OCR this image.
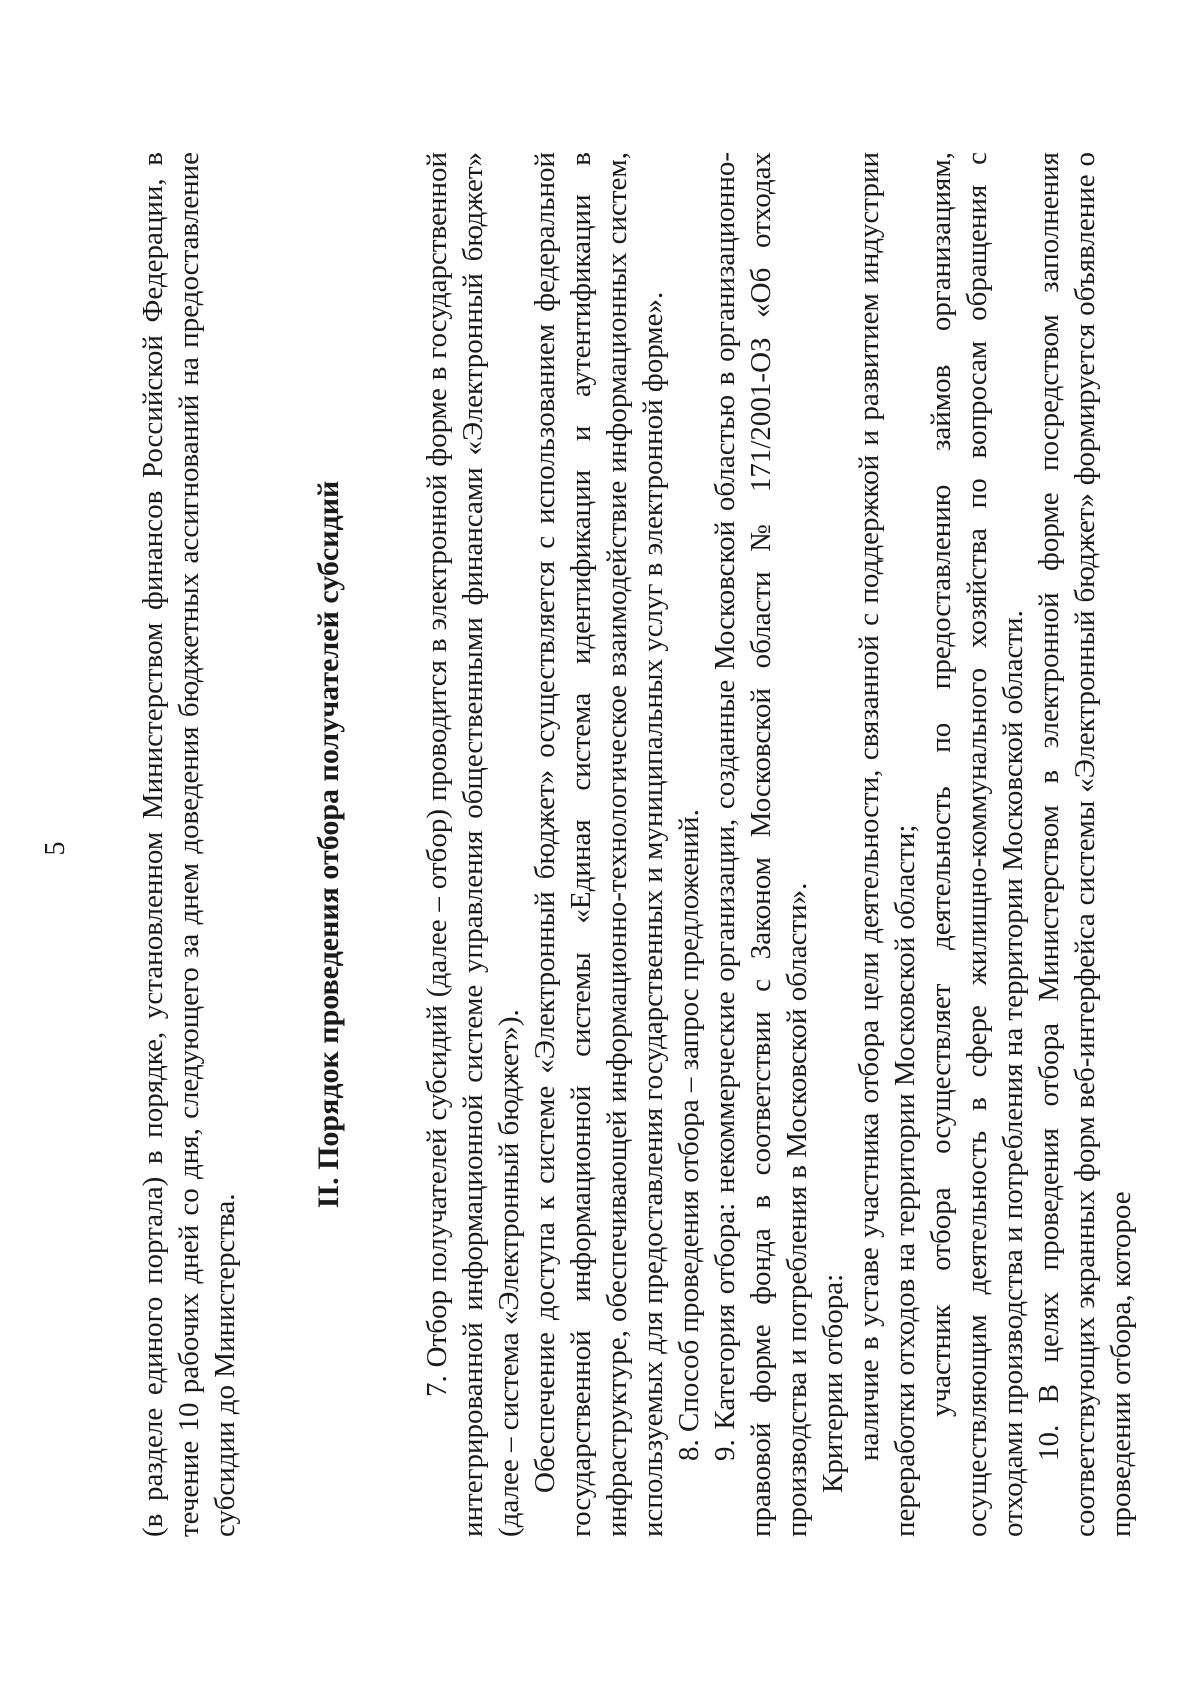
5 (в разделе единого портала) в порядке, установленном Министерством финансов Российской Федерации, в течение 10 рабочих дней со дня, следующего за днем доведения бюджетных ассигнований на предоставление субсидии до Министерства.

II. Порядок проведения отбора получателей субсидий	7. Отбор получателей субсидий (далее – отбор) проводится в электронной форме в государственной интегрированной информационной системе управления общественными финансами «Электронный бюджет» (далее – система «Электронный бюджет»). Обеспечение доступа к системе «Электронный бюджет» осуществляется с использованием федеральной государственной информационной системы «Единая система идентификации и аутентификации в инфраструктуре, обеспечивающей информационно-технологическое взаимодействие информационных систем, используемых для предоставления государственных и муниципальных услуг в электронной форме». 8. Способ проведения отбора – запрос предложений. 9. Категория отбора: некоммерческие организации, созданные Московской областью в организационно-правовой форме фонда в соответствии с Законом Московской области № 171/2001-ОЗ «Об отходах производства и потребления в Московской области». Критерии отбора: наличие в уставе участника отбора цели деятельности, связанной с поддержкой и развитием индустрии переработки отходов на территории Московской области; участник отбора осуществляет деятельность по предоставлению займов организациям, осуществляющим деятельность в сфере жилищно-коммунального хозяйства по вопросам обращения с отходами производства и потребления на территории Московской области. 10. В целях проведения отбора Министерством в электронной форме посредством заполнения соответствующих экранных форм веб-интерфейса системы «Электронный бюджет» формируется объявление о проведении отбора, которое
